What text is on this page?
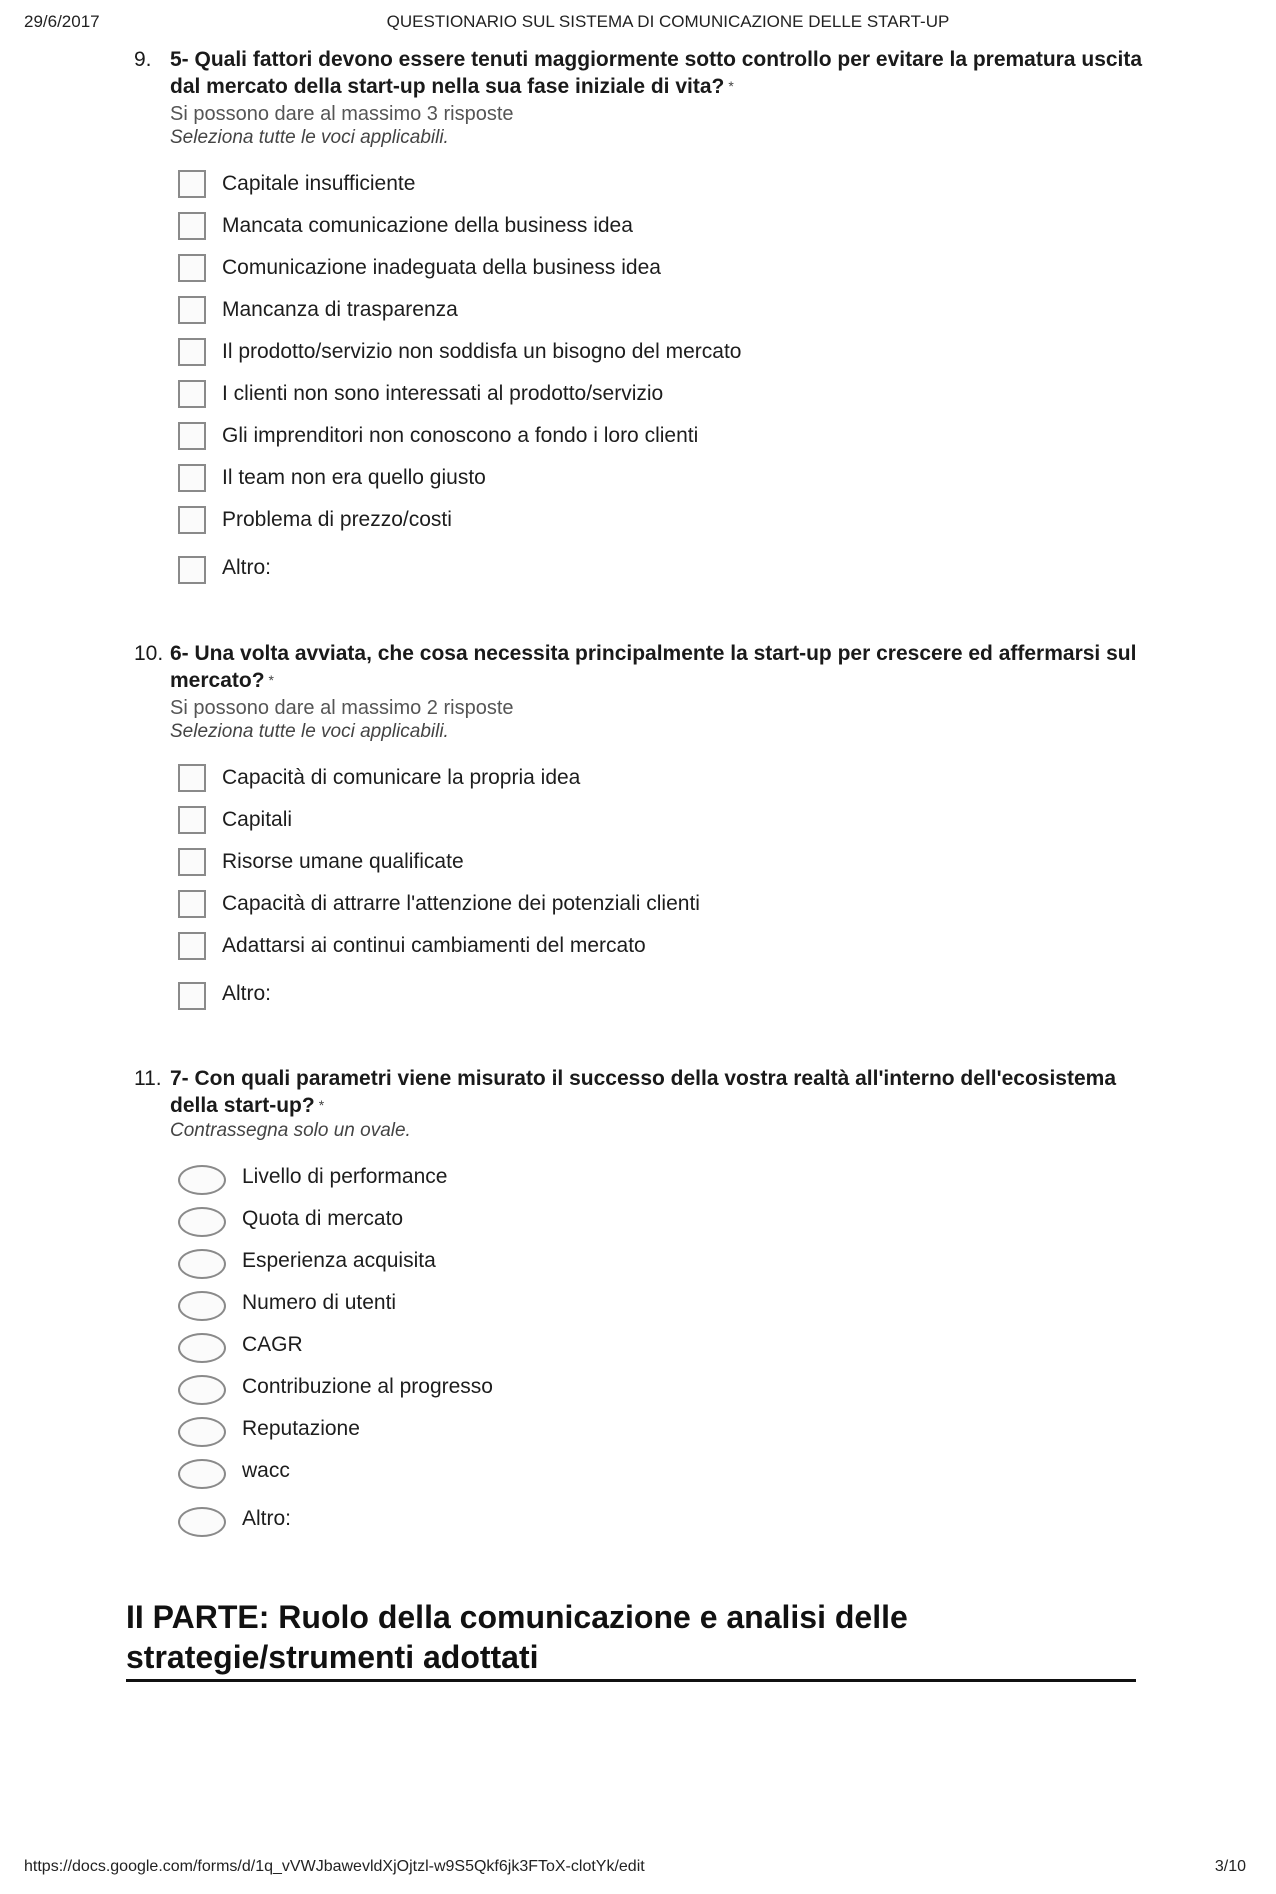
29/6/2017	QUESTIONARIO SUL SISTEMA DI COMUNICAZIONE DELLE START-UP
9. 5- Quali fattori devono essere tenuti maggiormente sotto controllo per evitare la prematura uscita dal mercato della start-up nella sua fase iniziale di vita? *
Si possono dare al massimo 3 risposte
Seleziona tutte le voci applicabili.
Capitale insufficiente
Mancata comunicazione della business idea
Comunicazione inadeguata della business idea
Mancanza di trasparenza
Il prodotto/servizio non soddisfa un bisogno del mercato
I clienti non sono interessati al prodotto/servizio
Gli imprenditori non conoscono a fondo i loro clienti
Il team non era quello giusto
Problema di prezzo/costi
Altro:
10. 6- Una volta avviata, che cosa necessita principalmente la start-up per crescere ed affermarsi sul mercato? *
Si possono dare al massimo 2 risposte
Seleziona tutte le voci applicabili.
Capacità di comunicare la propria idea
Capitali
Risorse umane qualificate
Capacità di attrarre l'attenzione dei potenziali clienti
Adattarsi ai continui cambiamenti del mercato
Altro:
11. 7- Con quali parametri viene misurato il successo della vostra realtà all'interno dell'ecosistema della start-up? *
Contrassegna solo un ovale.
Livello di performance
Quota di mercato
Esperienza acquisita
Numero di utenti
CAGR
Contribuzione al progresso
Reputazione
wacc
Altro:
II PARTE: Ruolo della comunicazione e analisi delle strategie/strumenti adottati
https://docs.google.com/forms/d/1q_vVWJbawevldXjOjtzl-w9S5Qkf6jk3FToX-clotYk/edit	3/10
